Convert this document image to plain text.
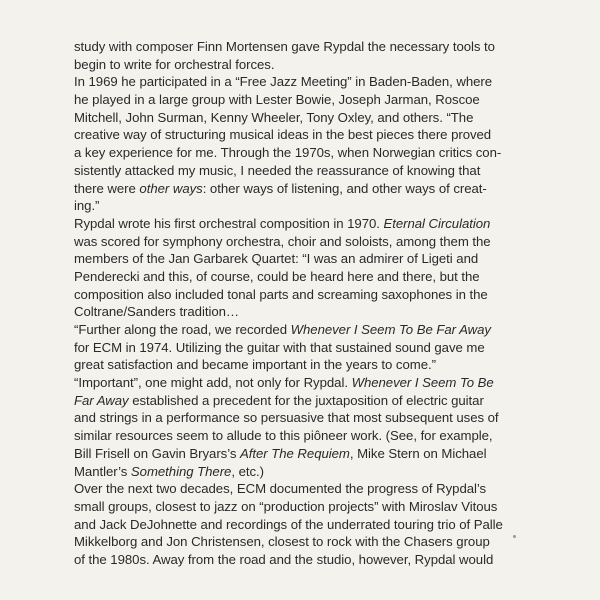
study with composer Finn Mortensen gave Rypdal the necessary tools to
begin to write for orchestral forces.
In 1969 he participated in a “Free Jazz Meeting” in Baden-Baden, where
he played in a large group with Lester Bowie, Joseph Jarman, Roscoe
Mitchell, John Surman, Kenny Wheeler, Tony Oxley, and others. “The
creative way of structuring musical ideas in the best pieces there proved
a key experience for me. Through the 1970s, when Norwegian critics con-
sistently attacked my music, I needed the reassurance of knowing that
there were other ways: other ways of listening, and other ways of creat-
ing.”
Rypdal wrote his first orchestral composition in 1970. Eternal Circulation
was scored for symphony orchestra, choir and soloists, among them the
members of the Jan Garbarek Quartet: “I was an admirer of Ligeti and
Penderecki and this, of course, could be heard here and there, but the
composition also included tonal parts and screaming saxophones in the
Coltrane/Sanders tradition…
“Further along the road, we recorded Whenever I Seem To Be Far Away
for ECM in 1974. Utilizing the guitar with that sustained sound gave me
great satisfaction and became important in the years to come.”
“Important”, one might add, not only for Rypdal. Whenever I Seem To Be
Far Away established a precedent for the juxtaposition of electric guitar
and strings in a performance so persuasive that most subsequent uses of
similar resources seem to allude to this piôneer work. (See, for example,
Bill Frisell on Gavin Bryars’s After The Requiem, Mike Stern on Michael
Mantler’s Something There, etc.)
Over the next two decades, ECM documented the progress of Rypdal’s
small groups, closest to jazz on “production projects” with Miroslav Vitous
and Jack DeJohnette and recordings of the underrated touring trio of Palle
Mikkelborg and Jon Christensen, closest to rock with the Chasers group
of the 1980s. Away from the road and the studio, however, Rypdal would
